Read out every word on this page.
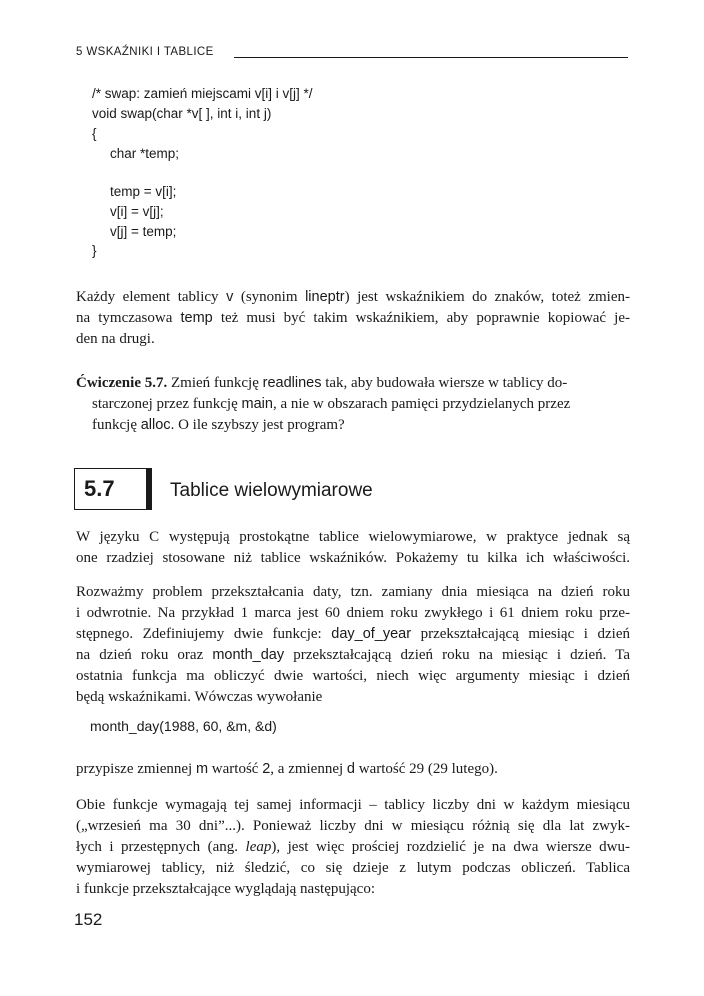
5 WSKAŹNIKI I TABLICE
/* swap: zamień miejscami v[i] i v[j] */
void swap(char *v[ ], int i, int j)
{
char *temp;
temp = v[i];
v[i] = v[j];
v[j] = temp;
}
Każdy element tablicy v (synonim lineptr) jest wskaźnikiem do znaków, toteż zmien-
na tymczasowa temp też musi być takim wskaźnikiem, aby poprawnie kopiować je-
den na drugi.
Ćwiczenie 5.7. Zmień funkcję readlines tak, aby budowała wiersze w tablicy do-
starczonej przez funkcję main, a nie w obszarach pamięci przydzielanych przez
funkcję alloc. O ile szybszy jest program?
5.7	Tablice wielowymiarowe
W języku C występują prostokątne tablice wielowymiarowe, w praktyce jednak są
one rzadziej stosowane niż tablice wskaźników. Pokażemy tu kilka ich właściwości.
Rozważmy problem przekształcania daty, tzn. zamiany dnia miesiąca na dzień roku
i odwrotnie. Na przykład 1 marca jest 60 dniem roku zwykłego i 61 dniem roku prze-
stępnego. Zdefiniujemy dwie funkcje: day_of_year przekształcającą miesiąc i dzień
na dzień roku oraz month_day przekształcającą dzień roku na miesiąc i dzień. Ta
ostatnia funkcja ma obliczyć dwie wartości, niech więc argumenty miesiąc i dzień
będą wskaźnikami. Wówczas wywołanie
month_day(1988, 60, &m, &d)
przypisze zmiennej m wartość 2, a zmiennej d wartość 29 (29 lutego).
Obie funkcje wymagają tej samej informacji – tablicy liczby dni w każdym miesiącu
(„wrzesień ma 30 dni”...). Ponieważ liczby dni w miesiącu różnią się dla lat zwyk-
łych i przestępnych (ang. leap), jest więc prościej rozdzielić je na dwa wiersze dwu-
wymiarowej tablicy, niż śledzić, co się dzieje z lutym podczas obliczeń. Tablica
i funkcje przekształcające wyglądają następująco:
152
